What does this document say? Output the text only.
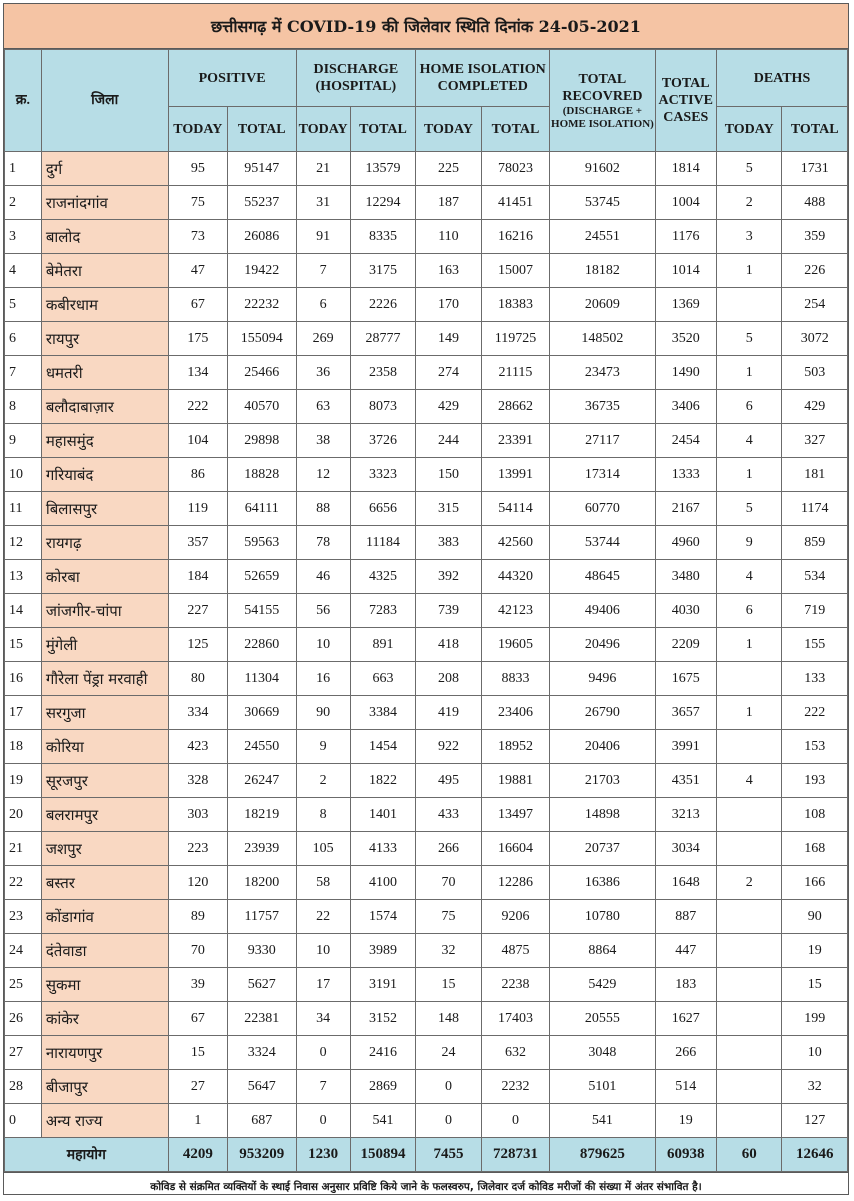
छत्तीसगढ़ में COVID-19 की जिलेवार स्थिति दिनांक 24-05-2021
क्र.	जिला	POSITIVE		DISCHARGE (HOSPITAL)		HOME ISOLATION COMPLETED		TOTAL RECOVRED
(DISCHARGE + HOME ISOLATION)	TOTAL ACTIVE CASES	DEATHS	
		TODAY	TOTAL	TODAY	TOTAL	TODAY	TOTAL			TODAY	TOTAL
1	दुर्ग	95	95147	21	13579	225	78023	91602	1814	5	1731
2	राजनांदगांव	75	55237	31	12294	187	41451	53745	1004	2	488
3	बालोद	73	26086	91	8335	110	16216	24551	1176	3	359
4	बेमेतरा	47	19422	7	3175	163	15007	18182	1014	1	226
5	कबीरधाम	67	22232	6	2226	170	18383	20609	1369		254
6	रायपुर	175	155094	269	28777	149	119725	148502	3520	5	3072
7	धमतरी	134	25466	36	2358	274	21115	23473	1490	1	503
8	बलौदाबाज़ार	222	40570	63	8073	429	28662	36735	3406	6	429
9	महासमुंद	104	29898	38	3726	244	23391	27117	2454	4	327
10	गरियाबंद	86	18828	12	3323	150	13991	17314	1333	1	181
11	बिलासपुर	119	64111	88	6656	315	54114	60770	2167	5	1174
12	रायगढ़	357	59563	78	11184	383	42560	53744	4960	9	859
13	कोरबा	184	52659	46	4325	392	44320	48645	3480	4	534
14	जांजगीर-चांपा	227	54155	56	7283	739	42123	49406	4030	6	719
15	मुंगेली	125	22860	10	891	418	19605	20496	2209	1	155
16	गौरेला पेंड्रा मरवाही	80	11304	16	663	208	8833	9496	1675		133
17	सरगुजा	334	30669	90	3384	419	23406	26790	3657	1	222
18	कोरिया	423	24550	9	1454	922	18952	20406	3991		153
19	सूरजपुर	328	26247	2	1822	495	19881	21703	4351	4	193
20	बलरामपुर	303	18219	8	1401	433	13497	14898	3213		108
21	जशपुर	223	23939	105	4133	266	16604	20737	3034		168
22	बस्तर	120	18200	58	4100	70	12286	16386	1648	2	166
23	कोंडागांव	89	11757	22	1574	75	9206	10780	887		90
24	दंतेवाडा	70	9330	10	3989	32	4875	8864	447		19
25	सुकमा	39	5627	17	3191	15	2238	5429	183		15
26	कांकेर	67	22381	34	3152	148	17403	20555	1627		199
27	नारायणपुर	15	3324	0	2416	24	632	3048	266		10
28	बीजापुर	27	5647	7	2869	0	2232	5101	514		32
0	अन्य राज्य	1	687	0	541	0	0	541	19		127
महायोग		4209	953209	1230	150894	7455	728731	879625	60938	60	12646
कोविड से संक्रमित व्यक्तियों के स्थाई निवास अनुसार प्रविष्टि किये जाने के फलस्वरुप, जिलेवार दर्ज कोविड मरीजों की संख्या में अंतर संभावित है।
